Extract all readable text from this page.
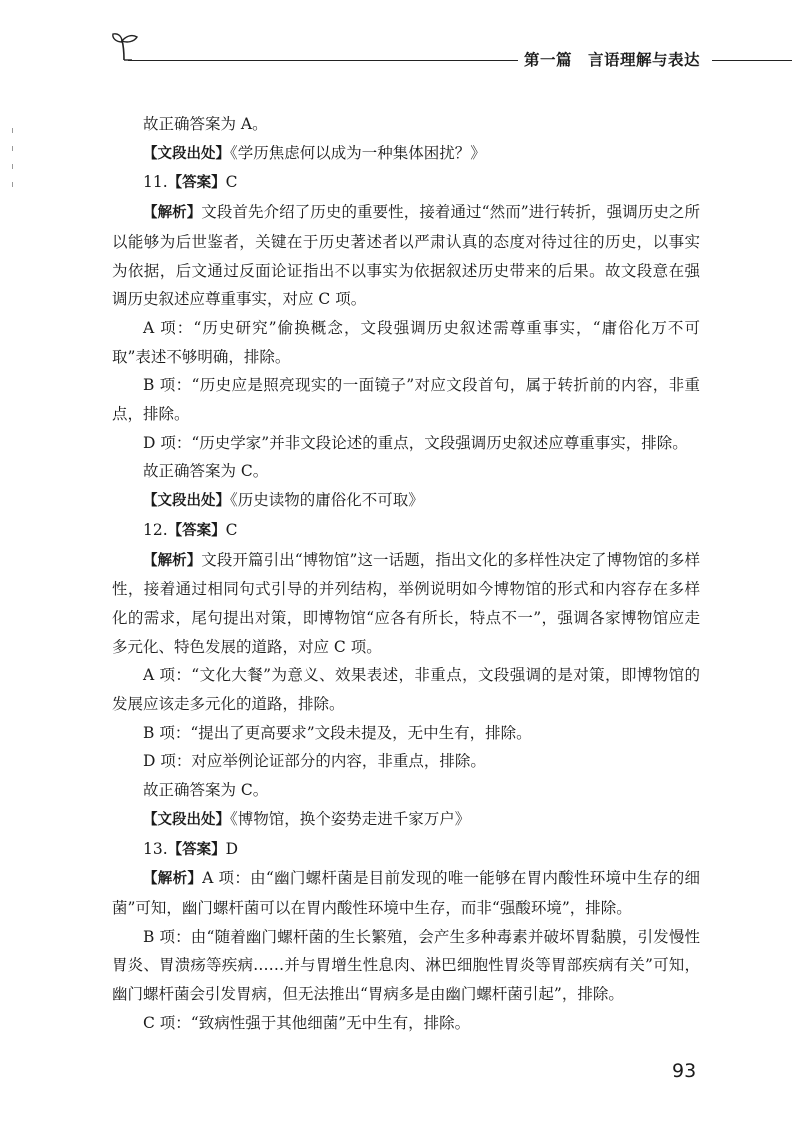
第一篇　言语理解与表达

故正确答案为 A。

【文段出处】《学历焦虑何以成为一种集体困扰？》

11.【答案】C

【解析】文段首先介绍了历史的重要性，接着通过“然而”进行转折，强调历史之所以能够为后世鉴者，关键在于历史著述者以严肃认真的态度对待过往的历史，以事实为依据，后文通过反面论证指出不以事实为依据叙述历史带来的后果。故文段意在强调历史叙述应尊重事实，对应 C 项。

A 项：“历史研究”偷换概念，文段强调历史叙述需尊重事实，“庸俗化万不可取”表述不够明确，排除。

B 项：“历史应是照亮现实的一面镜子”对应文段首句，属于转折前的内容，非重点，排除。

D 项：“历史学家”并非文段论述的重点，文段强调历史叙述应尊重事实，排除。

故正确答案为 C。

【文段出处】《历史读物的庸俗化不可取》

12.【答案】C

【解析】文段开篇引出“博物馆”这一话题，指出文化的多样性决定了博物馆的多样性，接着通过相同句式引导的并列结构，举例说明如今博物馆的形式和内容存在多样化的需求，尾句提出对策，即博物馆“应各有所长，特点不一”，强调各家博物馆应走多元化、特色发展的道路，对应 C 项。

A 项：“文化大餐”为意义、效果表述，非重点，文段强调的是对策，即博物馆的发展应该走多元化的道路，排除。

B 项：“提出了更高要求”文段未提及，无中生有，排除。

D 项：对应举例论证部分的内容，非重点，排除。

故正确答案为 C。

【文段出处】《博物馆，换个姿势走进千家万户》

13.【答案】D

【解析】A 项：由“幽门螺杆菌是目前发现的唯一能够在胃内酸性环境中生存的细菌”可知，幽门螺杆菌可以在胃内酸性环境中生存，而非“强酸环境”，排除。

B 项：由“随着幽门螺杆菌的生长繁殖，会产生多种毒素并破坏胃黏膜，引发慢性胃炎、胃溃疡等疾病……并与胃增生性息肉、淋巴细胞性胃炎等胃部疾病有关”可知，幽门螺杆菌会引发胃病，但无法推出“胃病多是由幽门螺杆菌引起”，排除。

C 项：“致病性强于其他细菌”无中生有，排除。

93
